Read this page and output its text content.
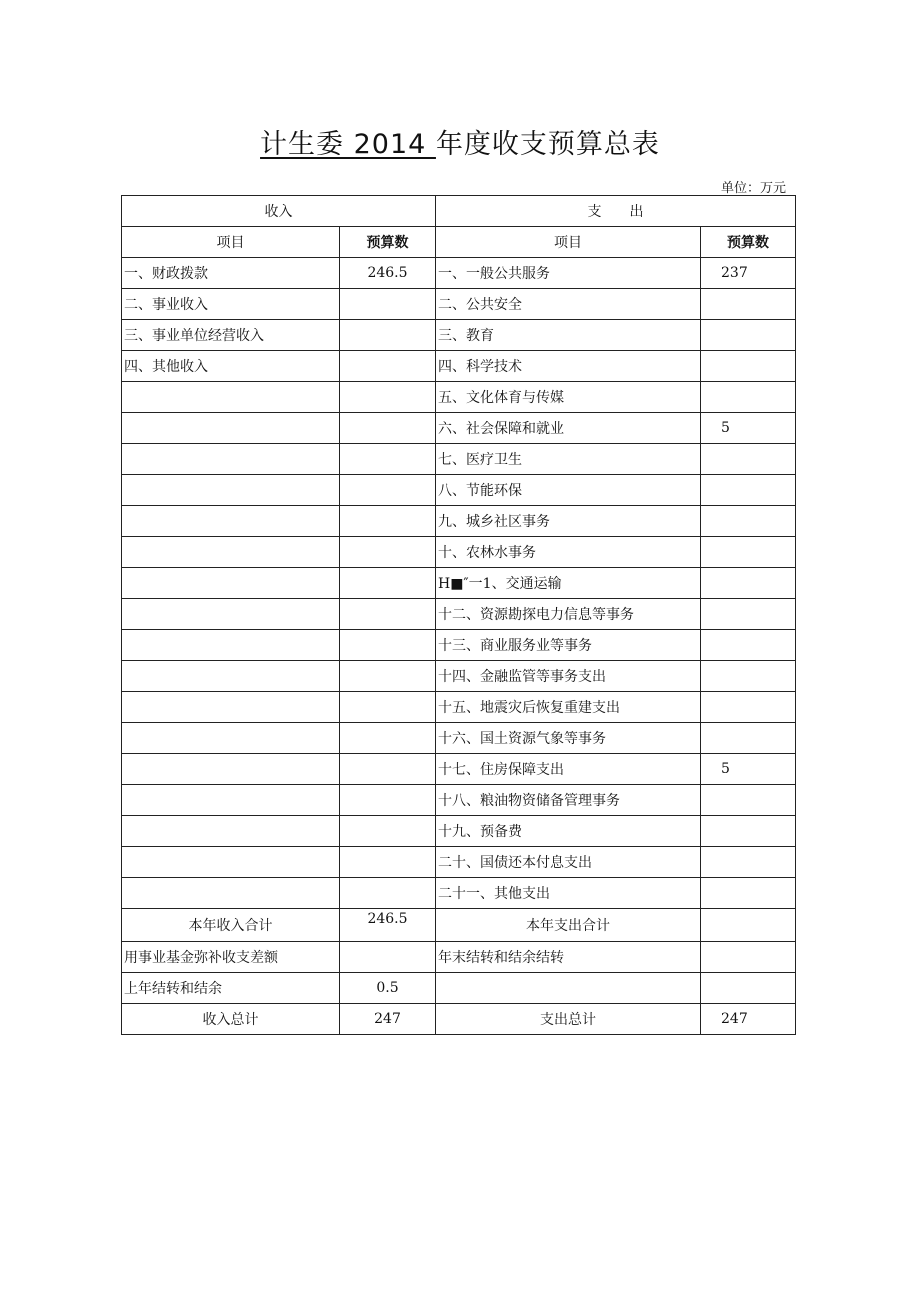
计生委 2014 年度收支预算总表
单位：万元
收入		支　　出	
项目	预算数	项目	预算数
一、财政拨款	246.5	一、一般公共服务	237
二、事业收入		二、公共安全	
三、事业单位经营收入		三、教育	
四、其他收入		四、科学技术	
		五、文化体育与传媒	
		六、社会保障和就业	5
		七、医疗卫生	
		八、节能环保	
		九、城乡社区事务	
		十、农林水事务	
		H■″一1、交通运输	
		十二、资源勘探电力信息等事务	
		十三、商业服务业等事务	
		十四、金融监管等事务支出	
		十五、地震灾后恢复重建支出	
		十六、国土资源气象等事务	
		十七、住房保障支出	5
		十八、粮油物资储备管理事务	
		十九、预备费	
		二十、国债还本付息支出	
		二十一、其他支出	
本年收入合计	246.5	本年支出合计	
用事业基金弥补收支差额		年末结转和结余结转	
上年结转和结余	0.5		
收入总计	247	支出总计	247
